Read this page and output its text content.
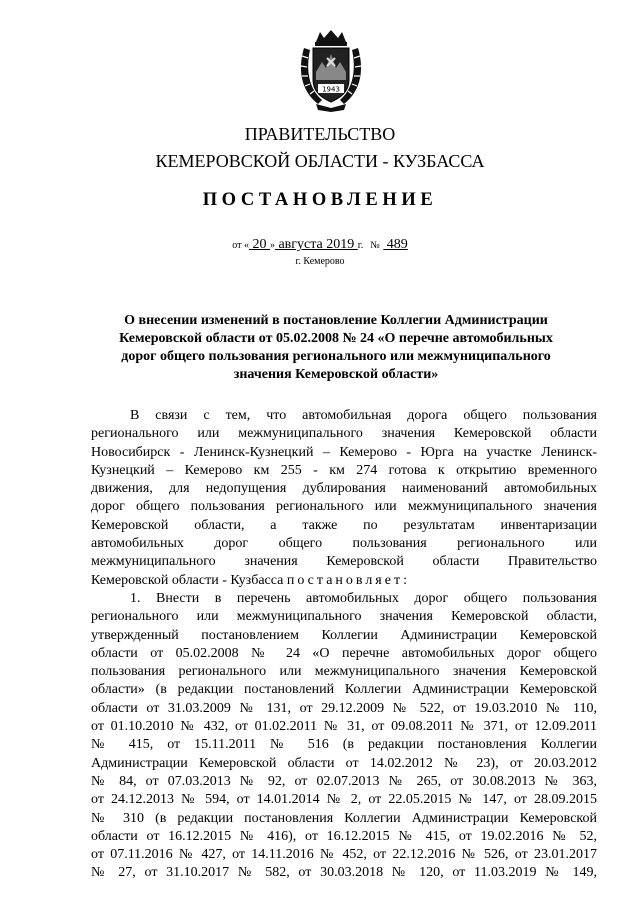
1943
ПРАВИТЕЛЬСТВО
КЕМЕРОВСКОЙ ОБЛАСТИ - КУЗБАССА
ПОСТАНОВЛЕНИЕ
от « 20 » августа 2019 г. №  489
г. Кемерово
О внесении изменений в постановление Коллегии Администрации
Кемеровской области от 05.02.2008 № 24 «О перечне автомобильных
дорог общего пользования регионального или межмуниципального
значения Кемеровской области»
В связи с тем, что автомобильная дорога общего пользования
регионального или межмуниципального значения Кемеровской области
Новосибирск - Ленинск-Кузнецкий – Кемерово - Юрга на участке Ленинск-
Кузнецкий – Кемерово км 255 - км 274 готова к открытию временного
движения, для недопущения дублирования наименований автомобильных
дорог общего пользования регионального или межмуниципального значения
Кемеровской области, а также по результатам инвентаризации
автомобильных дорог общего пользования регионального или
межмуниципального значения Кемеровской области Правительство
Кемеровской области - Кузбасса постановляет:
1. Внести в перечень автомобильных дорог общего пользования
регионального или межмуниципального значения Кемеровской области,
утвержденный постановлением Коллегии Администрации Кемеровской
области от 05.02.2008 № 24 «О перечне автомобильных дорог общего
пользования регионального или межмуниципального значения Кемеровской
области» (в редакции постановлений Коллегии Администрации Кемеровской
области от 31.03.2009 № 131, от 29.12.2009 № 522, от 19.03.2010 № 110,
от 01.10.2010 № 432, от 01.02.2011 № 31, от 09.08.2011 № 371, от 12.09.2011
№ 415, от 15.11.2011 № 516 (в редакции постановления Коллегии
Администрации Кемеровской области от 14.02.2012 № 23), от 20.03.2012
№ 84, от 07.03.2013 № 92, от 02.07.2013 № 265, от 30.08.2013 № 363,
от 24.12.2013 № 594, от 14.01.2014 № 2, от 22.05.2015 № 147, от 28.09.2015
№ 310 (в редакции постановления Коллегии Администрации Кемеровской
области от 16.12.2015 № 416), от 16.12.2015 № 415, от 19.02.2016 № 52,
от 07.11.2016 № 427, от 14.11.2016 № 452, от 22.12.2016 № 526, от 23.01.2017
№ 27, от 31.10.2017 № 582, от 30.03.2018 № 120, от 11.03.2019 № 149,
